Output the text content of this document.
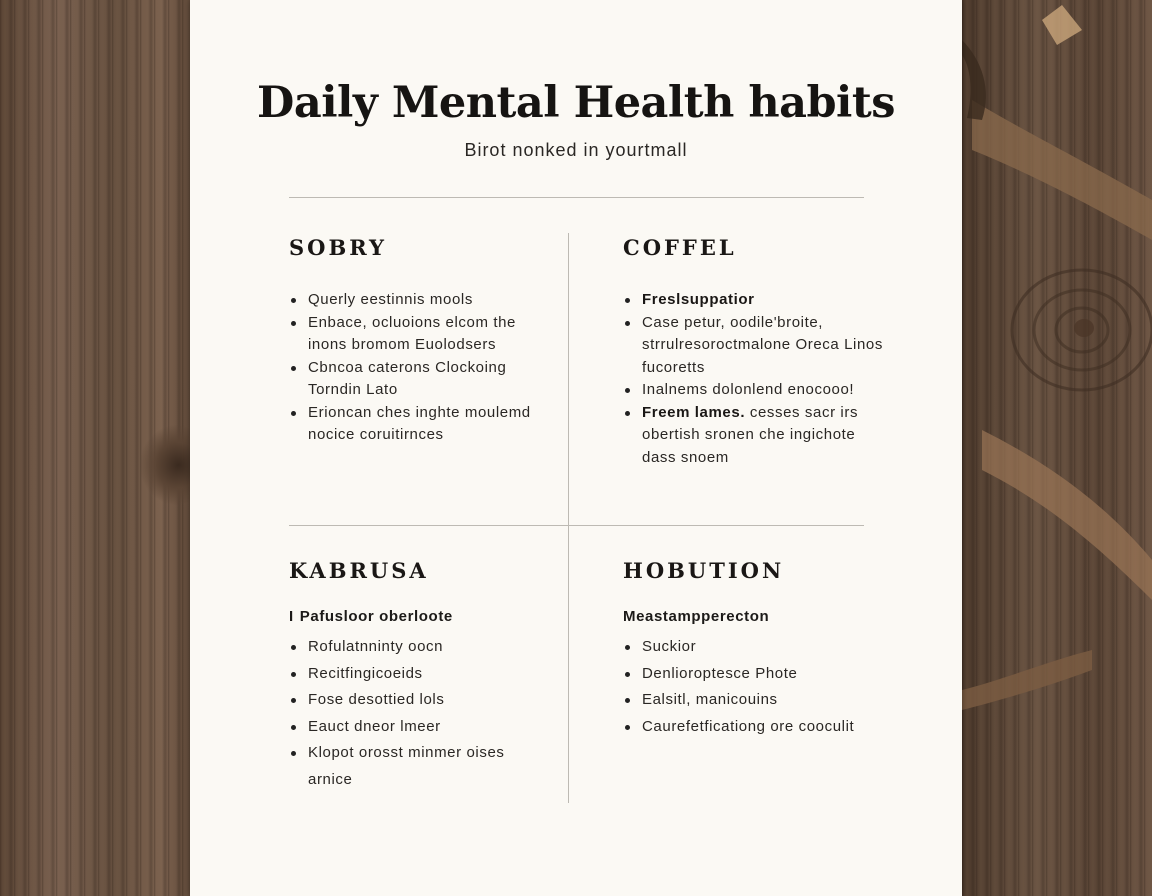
Daily Mental Health habits

Birot nonked in yourtmall

SOBRY
Querly eestinnis mools
Enbace, ocluoions elcom the inons bromom Euolodsers
Cbncoa caterons Clockoing Torndin Lato
Erioncan ches inghte moulemd nocice coruitirnces
COFFEL
Freslsuppatior
Case petur, oodile'broite, strrulresoroctmalone Oreca Linos fucoretts
Inalnems dolonlend enocooo!
Freem lames. cesses sacr irs obertish sronen che ingichote dass snoem
KABRUSA
I Pafusloor oberloote
Rofulatnninty oocn
Recitfingicoeids
Fose desottied lols
Eauct dneor lmeer
Klopot orosst minmer oises arnice
HOBUTION
Meastampperecton
Suckior
Denlioroptesce Phote
Ealsitl, manicouins
Caurefetficationg ore cooculit
